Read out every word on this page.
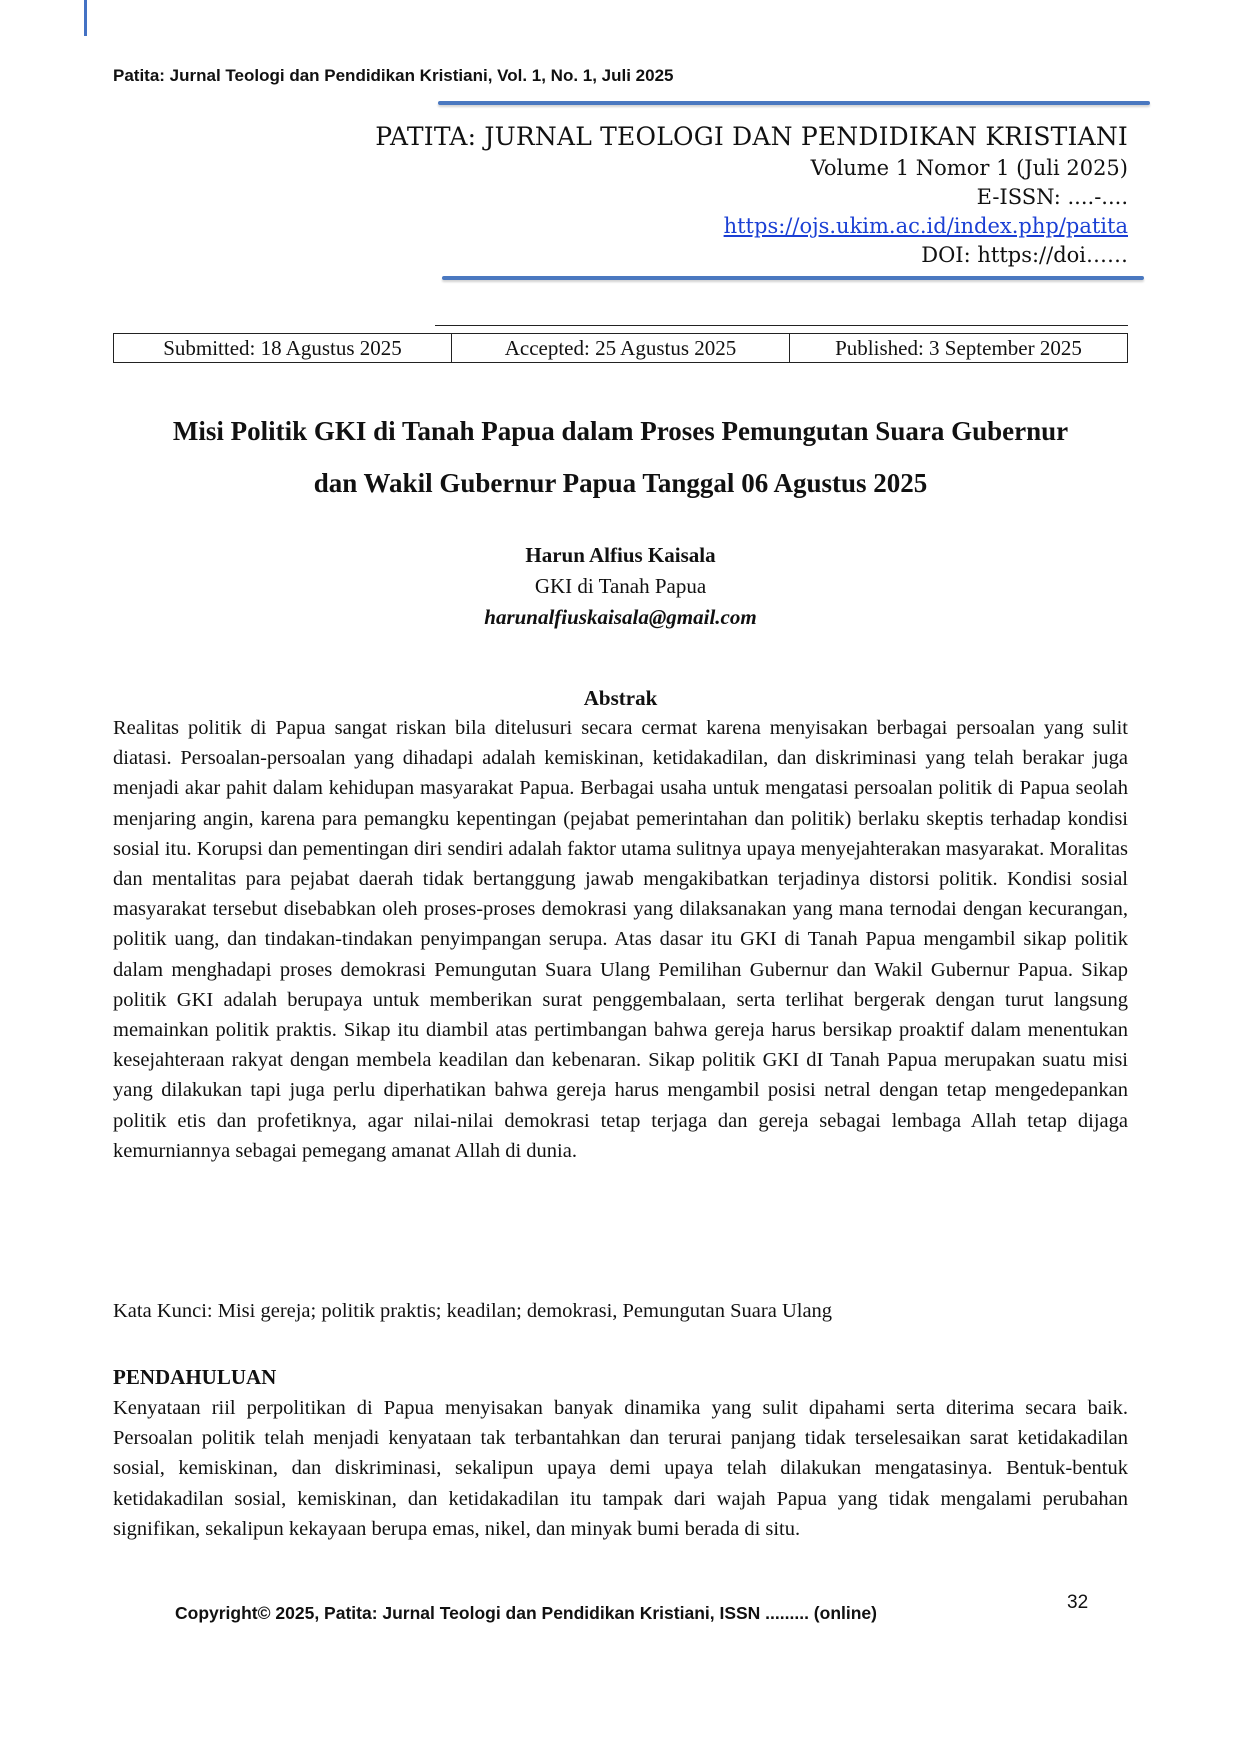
Patita: Jurnal Teologi dan Pendidikan Kristiani, Vol. 1, No. 1, Juli 2025
PATITA: JURNAL TEOLOGI DAN PENDIDIKAN KRISTIANI
Volume 1 Nomor 1 (Juli 2025)
E-ISSN: ....-....
https://ojs.ukim.ac.id/index.php/patita
DOI: https://doi……
Submitted: 18 Agustus 2025	Accepted: 25 Agustus 2025	Published: 3 September 2025
Misi Politik GKI di Tanah Papua dalam Proses Pemungutan Suara Gubernur
dan Wakil Gubernur Papua Tanggal 06 Agustus 2025
Harun Alfius Kaisala
GKI di Tanah Papua
harunalfiuskaisala@gmail.com
Abstrak
Realitas politik di Papua sangat riskan bila ditelusuri secara cermat karena menyisakan berbagai persoalan yang sulit diatasi. Persoalan-persoalan yang dihadapi adalah kemiskinan, ketidakadilan, dan diskriminasi yang telah berakar juga menjadi akar pahit dalam kehidupan masyarakat Papua. Berbagai usaha untuk mengatasi persoalan politik di Papua seolah menjaring angin, karena para pemangku kepentingan (pejabat pemerintahan dan politik) berlaku skeptis terhadap kondisi sosial itu. Korupsi dan pementingan diri sendiri adalah faktor utama sulitnya upaya menyejahterakan masyarakat. Moralitas dan mentalitas para pejabat daerah tidak bertanggung jawab mengakibatkan terjadinya distorsi politik. Kondisi sosial masyarakat tersebut disebabkan oleh proses-proses demokrasi yang dilaksanakan yang mana ternodai dengan kecurangan, politik uang, dan tindakan-tindakan penyimpangan serupa. Atas dasar itu GKI di Tanah Papua mengambil sikap politik dalam menghadapi proses demokrasi Pemungutan Suara Ulang Pemilihan Gubernur dan Wakil Gubernur Papua. Sikap politik GKI adalah berupaya untuk memberikan surat penggembalaan, serta terlihat bergerak dengan turut langsung memainkan politik praktis. Sikap itu diambil atas pertimbangan bahwa gereja harus bersikap proaktif dalam menentukan kesejahteraan rakyat dengan membela keadilan dan kebenaran. Sikap politik GKI dI Tanah Papua merupakan suatu misi yang dilakukan tapi juga perlu diperhatikan bahwa gereja harus mengambil posisi netral dengan tetap mengedepankan politik etis dan profetiknya, agar nilai-nilai demokrasi tetap terjaga dan gereja sebagai lembaga Allah tetap dijaga kemurniannya sebagai pemegang amanat Allah di dunia.
Kata Kunci: Misi gereja; politik praktis; keadilan; demokrasi, Pemungutan Suara Ulang
PENDAHULUAN
Kenyataan riil perpolitikan di Papua menyisakan banyak dinamika yang sulit dipahami serta diterima secara baik. Persoalan politik telah menjadi kenyataan tak terbantahkan dan terurai panjang tidak terselesaikan sarat ketidakadilan sosial, kemiskinan, dan diskriminasi, sekalipun upaya demi upaya telah dilakukan mengatasinya. Bentuk-bentuk ketidakadilan sosial, kemiskinan, dan ketidakadilan itu tampak dari wajah Papua yang tidak mengalami perubahan signifikan, sekalipun kekayaan berupa emas, nikel, dan minyak bumi berada di situ.
Copyright© 2025, Patita: Jurnal Teologi dan Pendidikan Kristiani, ISSN ......... (online)	32
